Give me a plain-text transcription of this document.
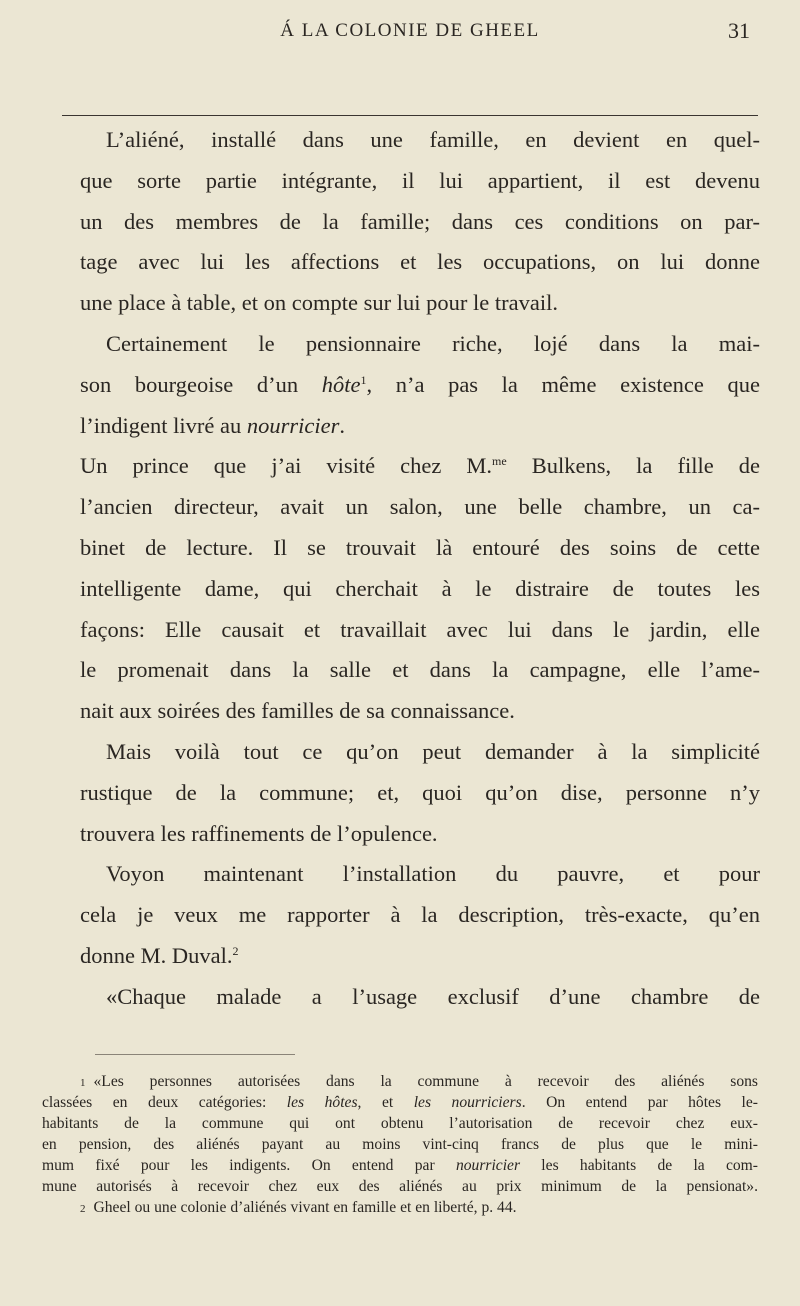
Á LA COLONIE DE GHEEL	31
L’aliéné, installé dans une famille, en devient en quel-
que sorte partie intégrante, il lui appartient, il est devenu
un des membres de la famille; dans ces conditions on par-
tage avec lui les affections et les occupations, on lui donne
une place à table, et on compte sur lui pour le travail.
Certainement le pensionnaire riche, lojé dans la mai-
son bourgeoise d’un hôte$^1$, n’a pas la même existence que
l’indigent livré au nourricier.
Un prince que j’ai visité chez M.$^{me}$ Bulkens, la fille de
l’ancien directeur, avait un salon, une belle chambre, un ca-
binet de lecture. Il se trouvait là entouré des soins de cette
intelligente dame, qui cherchait à le distraire de toutes les
façons: Elle causait et travaillait avec lui dans le jardin, elle
le promenait dans la salle et dans la campagne, elle l’ame-
nait aux soirées des familles de sa connaissance.
Mais voilà tout ce qu’on peut demander à la simplicité
rustique de la commune; et, quoi qu’on dise, personne n’y
trouvera les raffinements de l’opulence.
Voyon maintenant l’installation du pauvre, et pour
cela je veux me rapporter à la description, très-exacte, qu’en
donne M. Duval.$^2$
«Chaque malade a l’usage exclusif d’une chambre de
1 «Les personnes autorisées dans la commune à recevoir des aliénés sons
classées en deux catégories: les hôtes, et les nourriciers. On entend par hôtes le-
habitants de la commune qui ont obtenu l’autorisation de recevoir chez eux-
en pension, des aliénés payant au moins vint-cinq francs de plus que le mini-
mum fixé pour les indigents. On entend par nourricier les habitants de la com-
mune autorisés à recevoir chez eux des aliénés au prix minimum de la pensionat».
2 Gheel ou une colonie d’aliénés vivant en famille et en liberté, p. 44.
